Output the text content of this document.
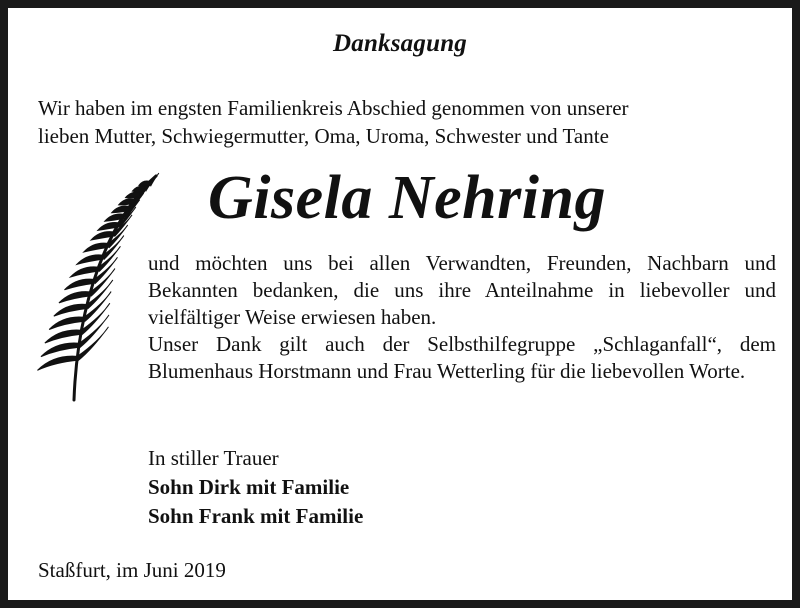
Danksagung
Wir haben im engsten Familienkreis Abschied genommen von unserer
lieben Mutter, Schwiegermutter, Oma, Uroma, Schwester und Tante
Gisela Nehring

und möchten uns bei allen Verwandten, Freunden, Nachbarn und Bekannten bedanken, die uns ihre Anteilnahme in liebevoller und vielfältiger Weise erwiesen haben.

Unser Dank gilt auch der Selbsthilfegruppe „Schlaganfall“, dem Blumenhaus Horstmann und Frau Wetterling für die liebevollen Worte.

In stiller Trauer
Sohn Dirk mit Familie
Sohn Frank mit Familie
Staßfurt, im Juni 2019
